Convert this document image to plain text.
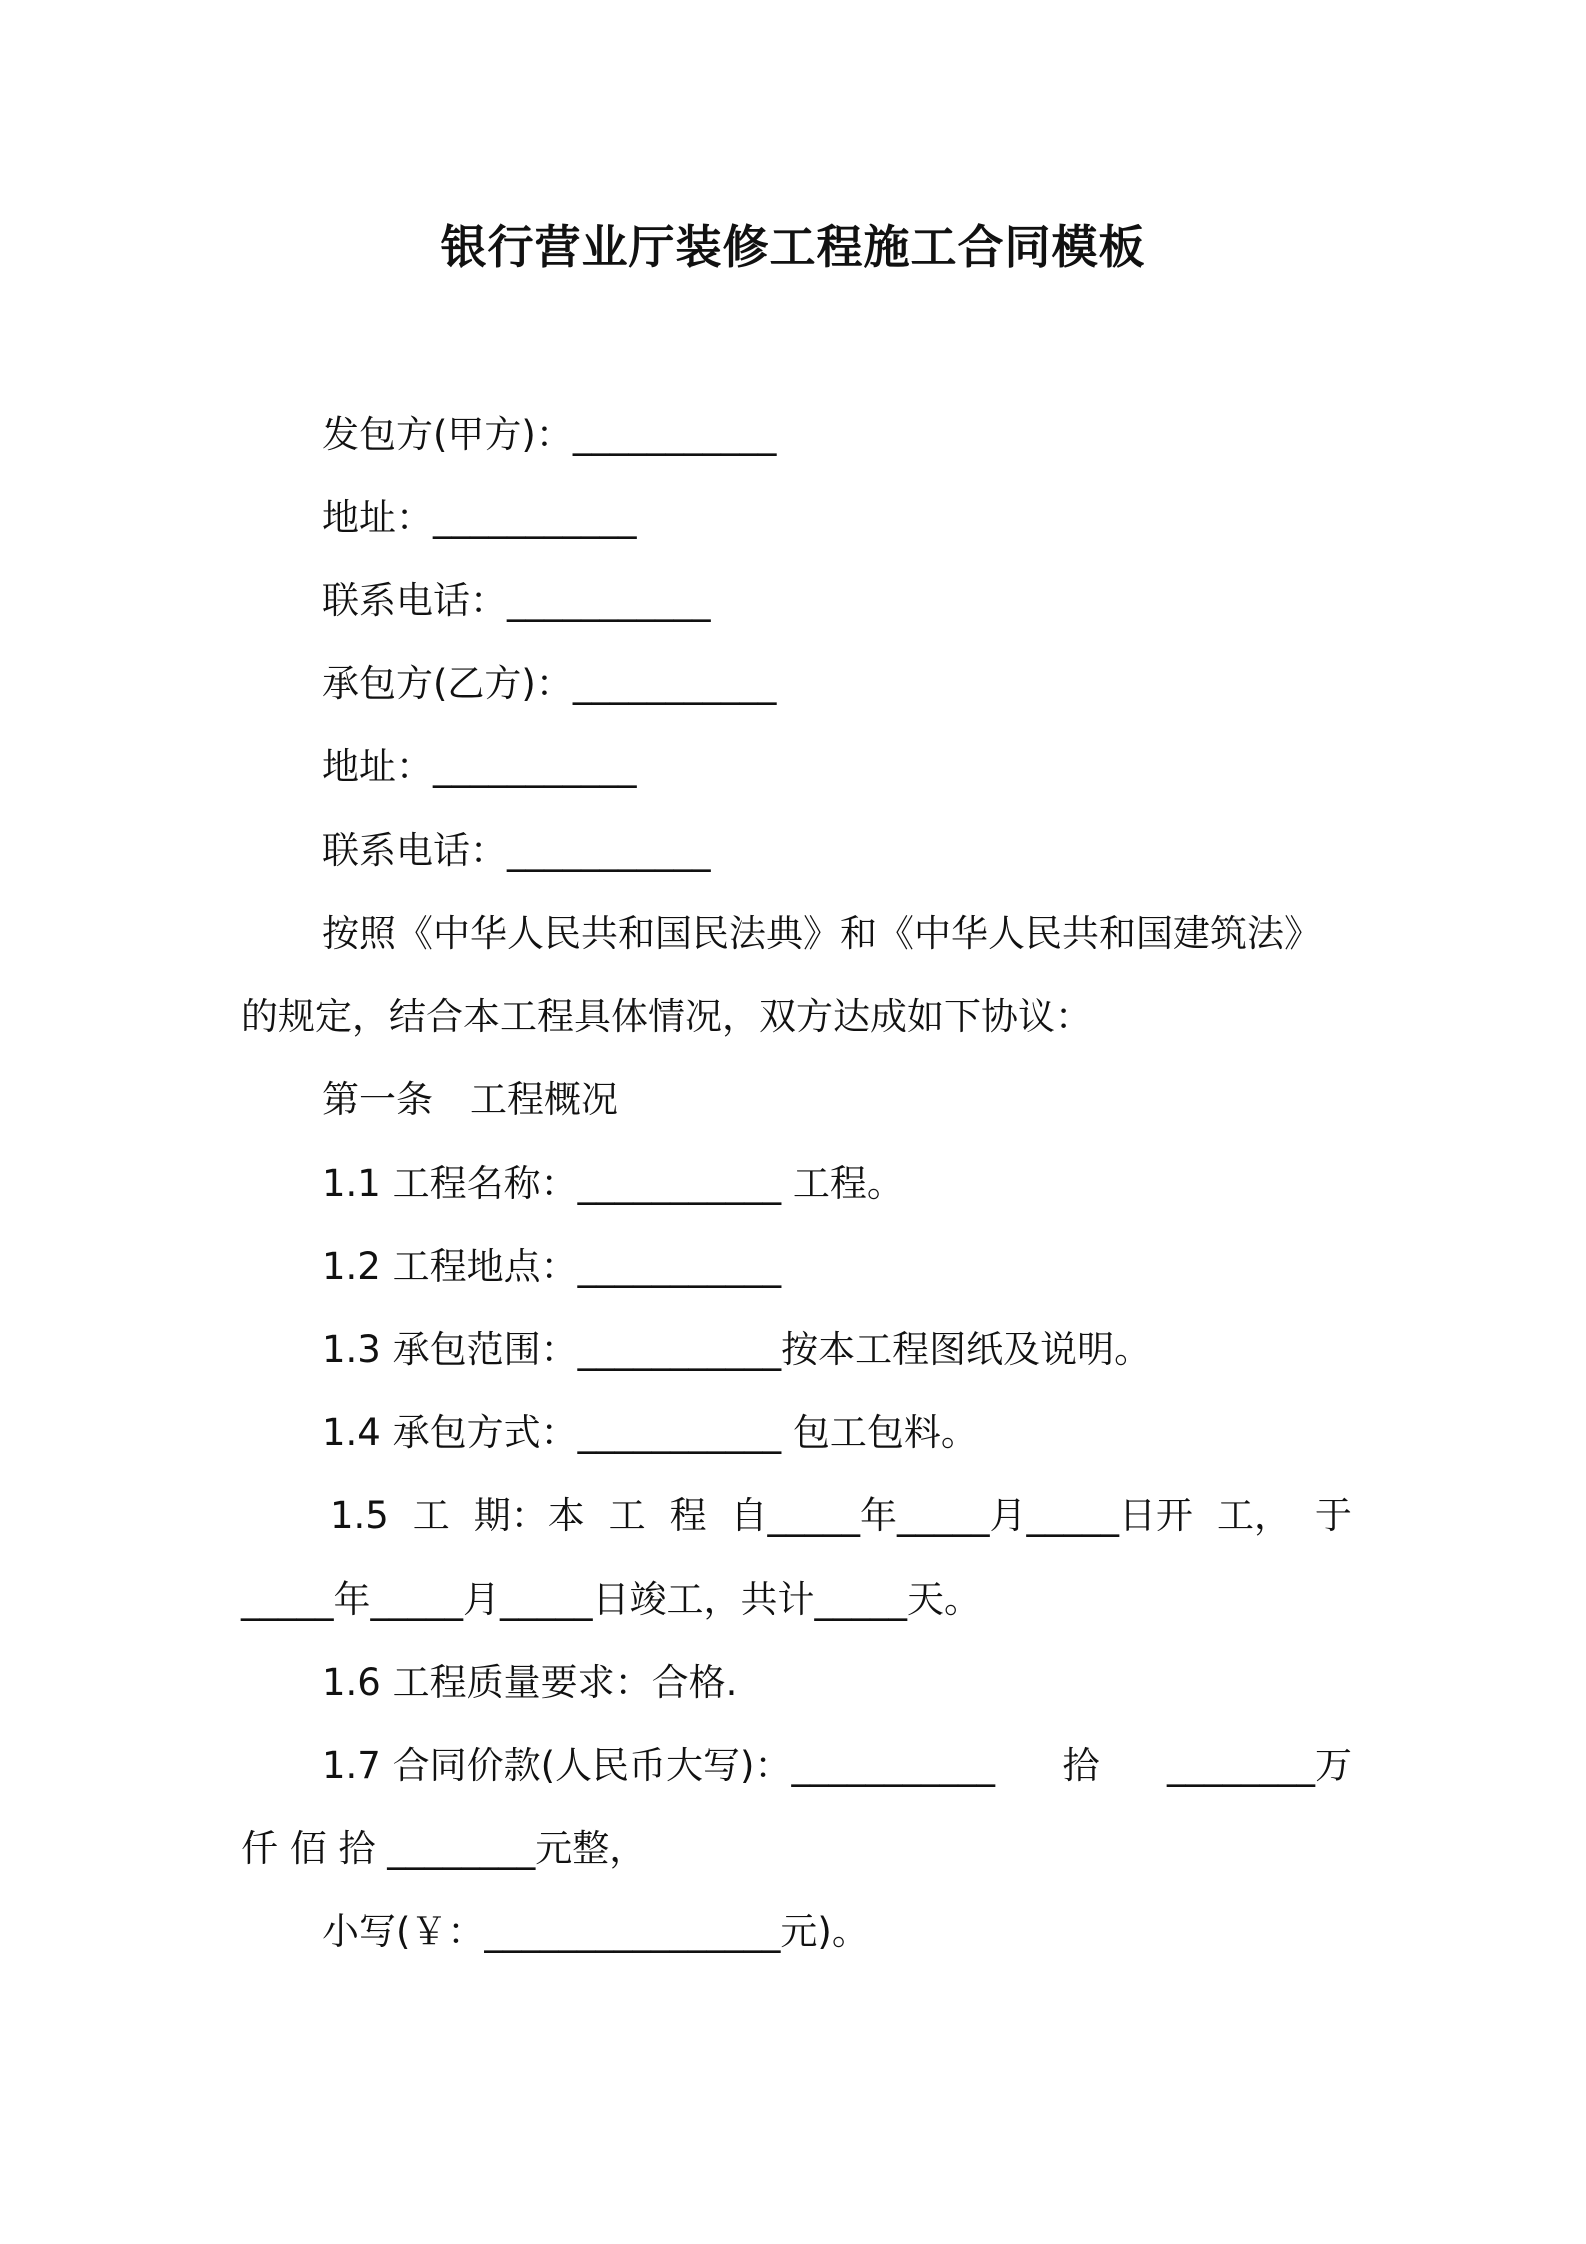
银行营业厅装修工程施工合同模板

发包方(甲方)：___________

地址：___________

联系电话：___________

承包方(乙方)：___________

地址：___________

联系电话：___________

按照《中华人民共和国民法典》和《中华人民共和国建筑法》

的规定，结合本工程具体情况，双方达成如下协议：

第一条　工程概况

1.1 工程名称：___________ 工程。

1.2 工程地点：___________

1.3 承包范围：___________按本工程图纸及说明。

1.4 承包方式：___________ 包工包料。

1.5 工 期：本 工 程 自_____年_____月_____日开 工， 于

_____年_____月_____日竣工，共计_____天。

1.6 工程质量要求：合格.

1.7 合同价款(人民币大写)：___________ 拾 ________万

仟 佰 拾 ________元整，

小写(￥：________________元)。
